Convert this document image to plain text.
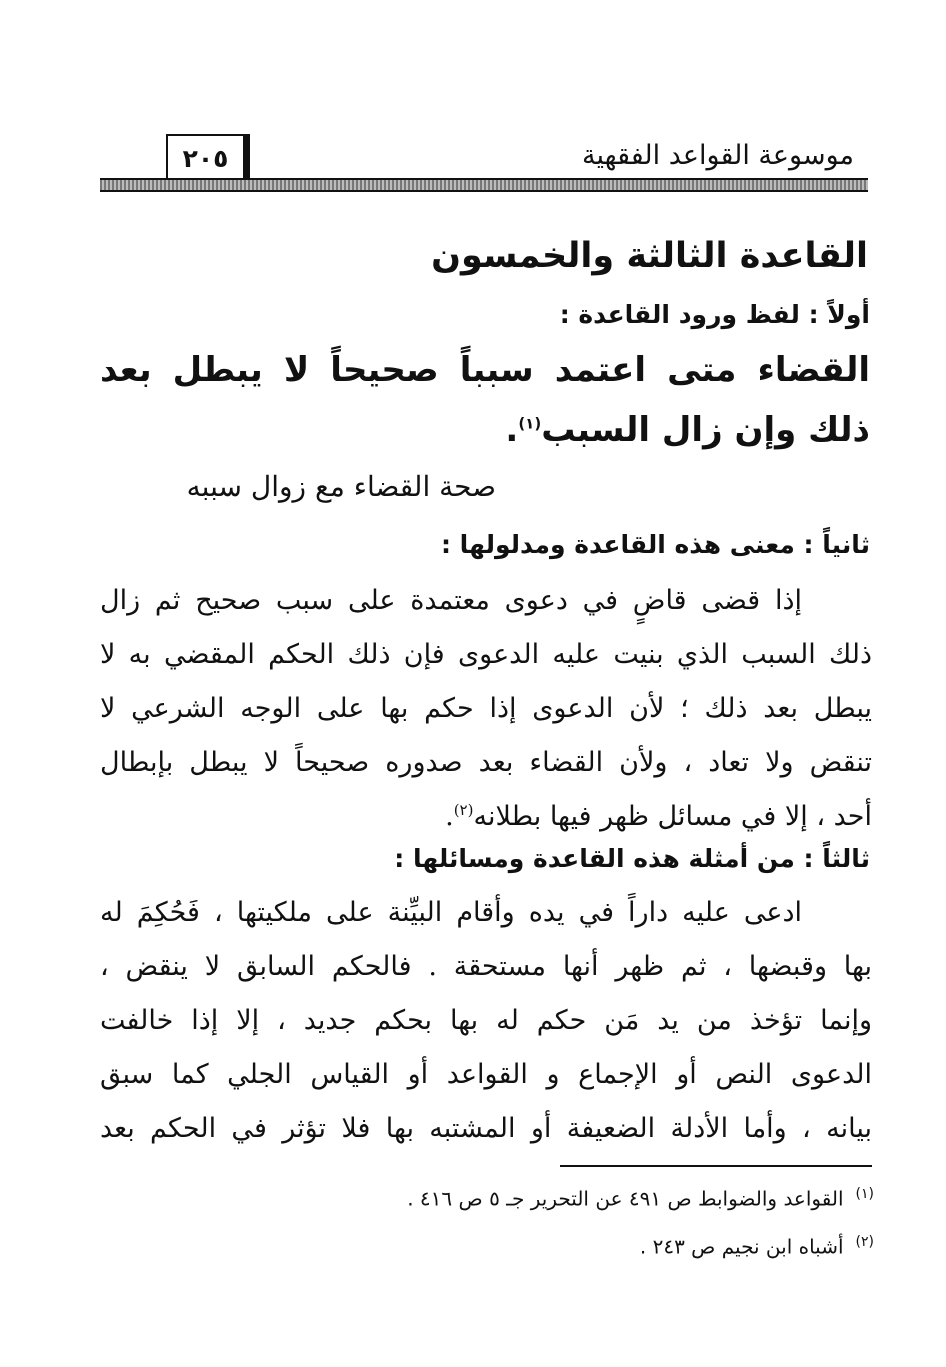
موسوعة القواعد الفقهية
٢٠٥
القاعدة الثالثة والخمسون
أولاً : لفظ ورود القاعدة :
القضاء متى اعتمد سبباً صحيحاً لا يبطل بعد
ذلك وإن زال السبب$^{(١)}$.
صحة القضاء مع زوال سببه
ثانياً : معنى هذه القاعدة ومدلولها :
إذا قضى قاضٍ في دعوى معتمدة على سبب صحيح ثم زال
ذلك السبب الذي بنيت عليه الدعوى فإن ذلك الحكم المقضي به لا
يبطل بعد ذلك ؛ لأن الدعوى إذا حكم بها على الوجه الشرعي لا
تنقض ولا تعاد ، ولأن القضاء بعد صدوره صحيحاً لا يبطل بإبطال
أحد ، إلا في مسائل ظهر فيها بطلانه$^{(٢)}$.
ثالثاً : من أمثلة هذه القاعدة ومسائلها :
ادعى عليه داراً في يده وأقام البيِّنة على ملكيتها ، فَحُكِمَ له
بها وقبضها ، ثم ظهر أنها مستحقة . فالحكم السابق لا ينقض ،
وإنما تؤخذ من يد مَن حكم له بها بحكم جديد ، إلا إذا خالفت
الدعوى النص أو الإجماع و القواعد أو القياس الجلي كما سبق
بيانه ، وأما الأدلة الضعيفة أو المشتبه بها فلا تؤثر في الحكم بعد
$^{(١)}$القواعد والضوابط ص ٤٩١ عن التحرير جـ ٥ ص ٤١٦ .
$^{(٢)}$أشباه ابن نجيم ص ٢٤٣ .
